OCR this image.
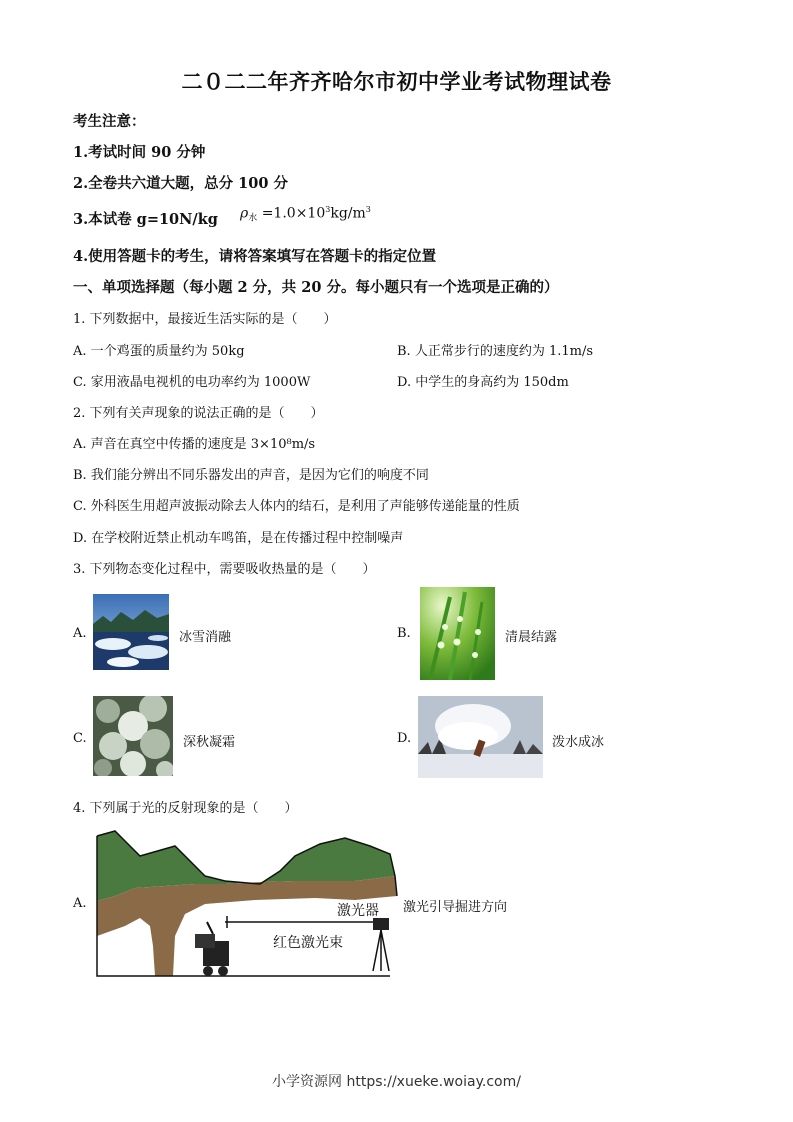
二０二二年齐齐哈尔市初中学业考试物理试卷
考生注意：
1.考试时间 90 分钟
2.全卷共六道大题，总分 100 分
3.本试卷 g=10N/kg $\rho_水 =1.0\times 10^3kg/m^3$
4.使用答题卡的考生，请将答案填写在答题卡的指定位置
一、单项选择题（每小题 2 分，共 20 分。每小题只有一个选项是正确的）
1. 下列数据中，最接近生活实际的是（　　）
A. 一个鸡蛋的质量约为 50kg	B. 人正常步行的速度约为 1.1m/s
C. 家用液晶电视机的电功率约为 1000W	D. 中学生的身高约为 150dm
2. 下列有关声现象的说法正确的是（　　）
A. 声音在真空中传播的速度是 3×10⁸m/s
B. 我们能分辨出不同乐器发出的声音，是因为它们的响度不同
C. 外科医生用超声波振动除去人体内的结石，是利用了声能够传递能量的性质
D. 在学校附近禁止机动车鸣笛，是在传播过程中控制噪声
3. 下列物态变化过程中，需要吸收热量的是（　　）
A.	冰雪消融	B.	清晨结露
C.	深秋凝霜	D.	泼水成冰
4. 下列属于光的反射现象的是（　　）
A.	激光器
红色激光束
激光引导掘进方向
小学资源网 https://xueke.woiay.com/
